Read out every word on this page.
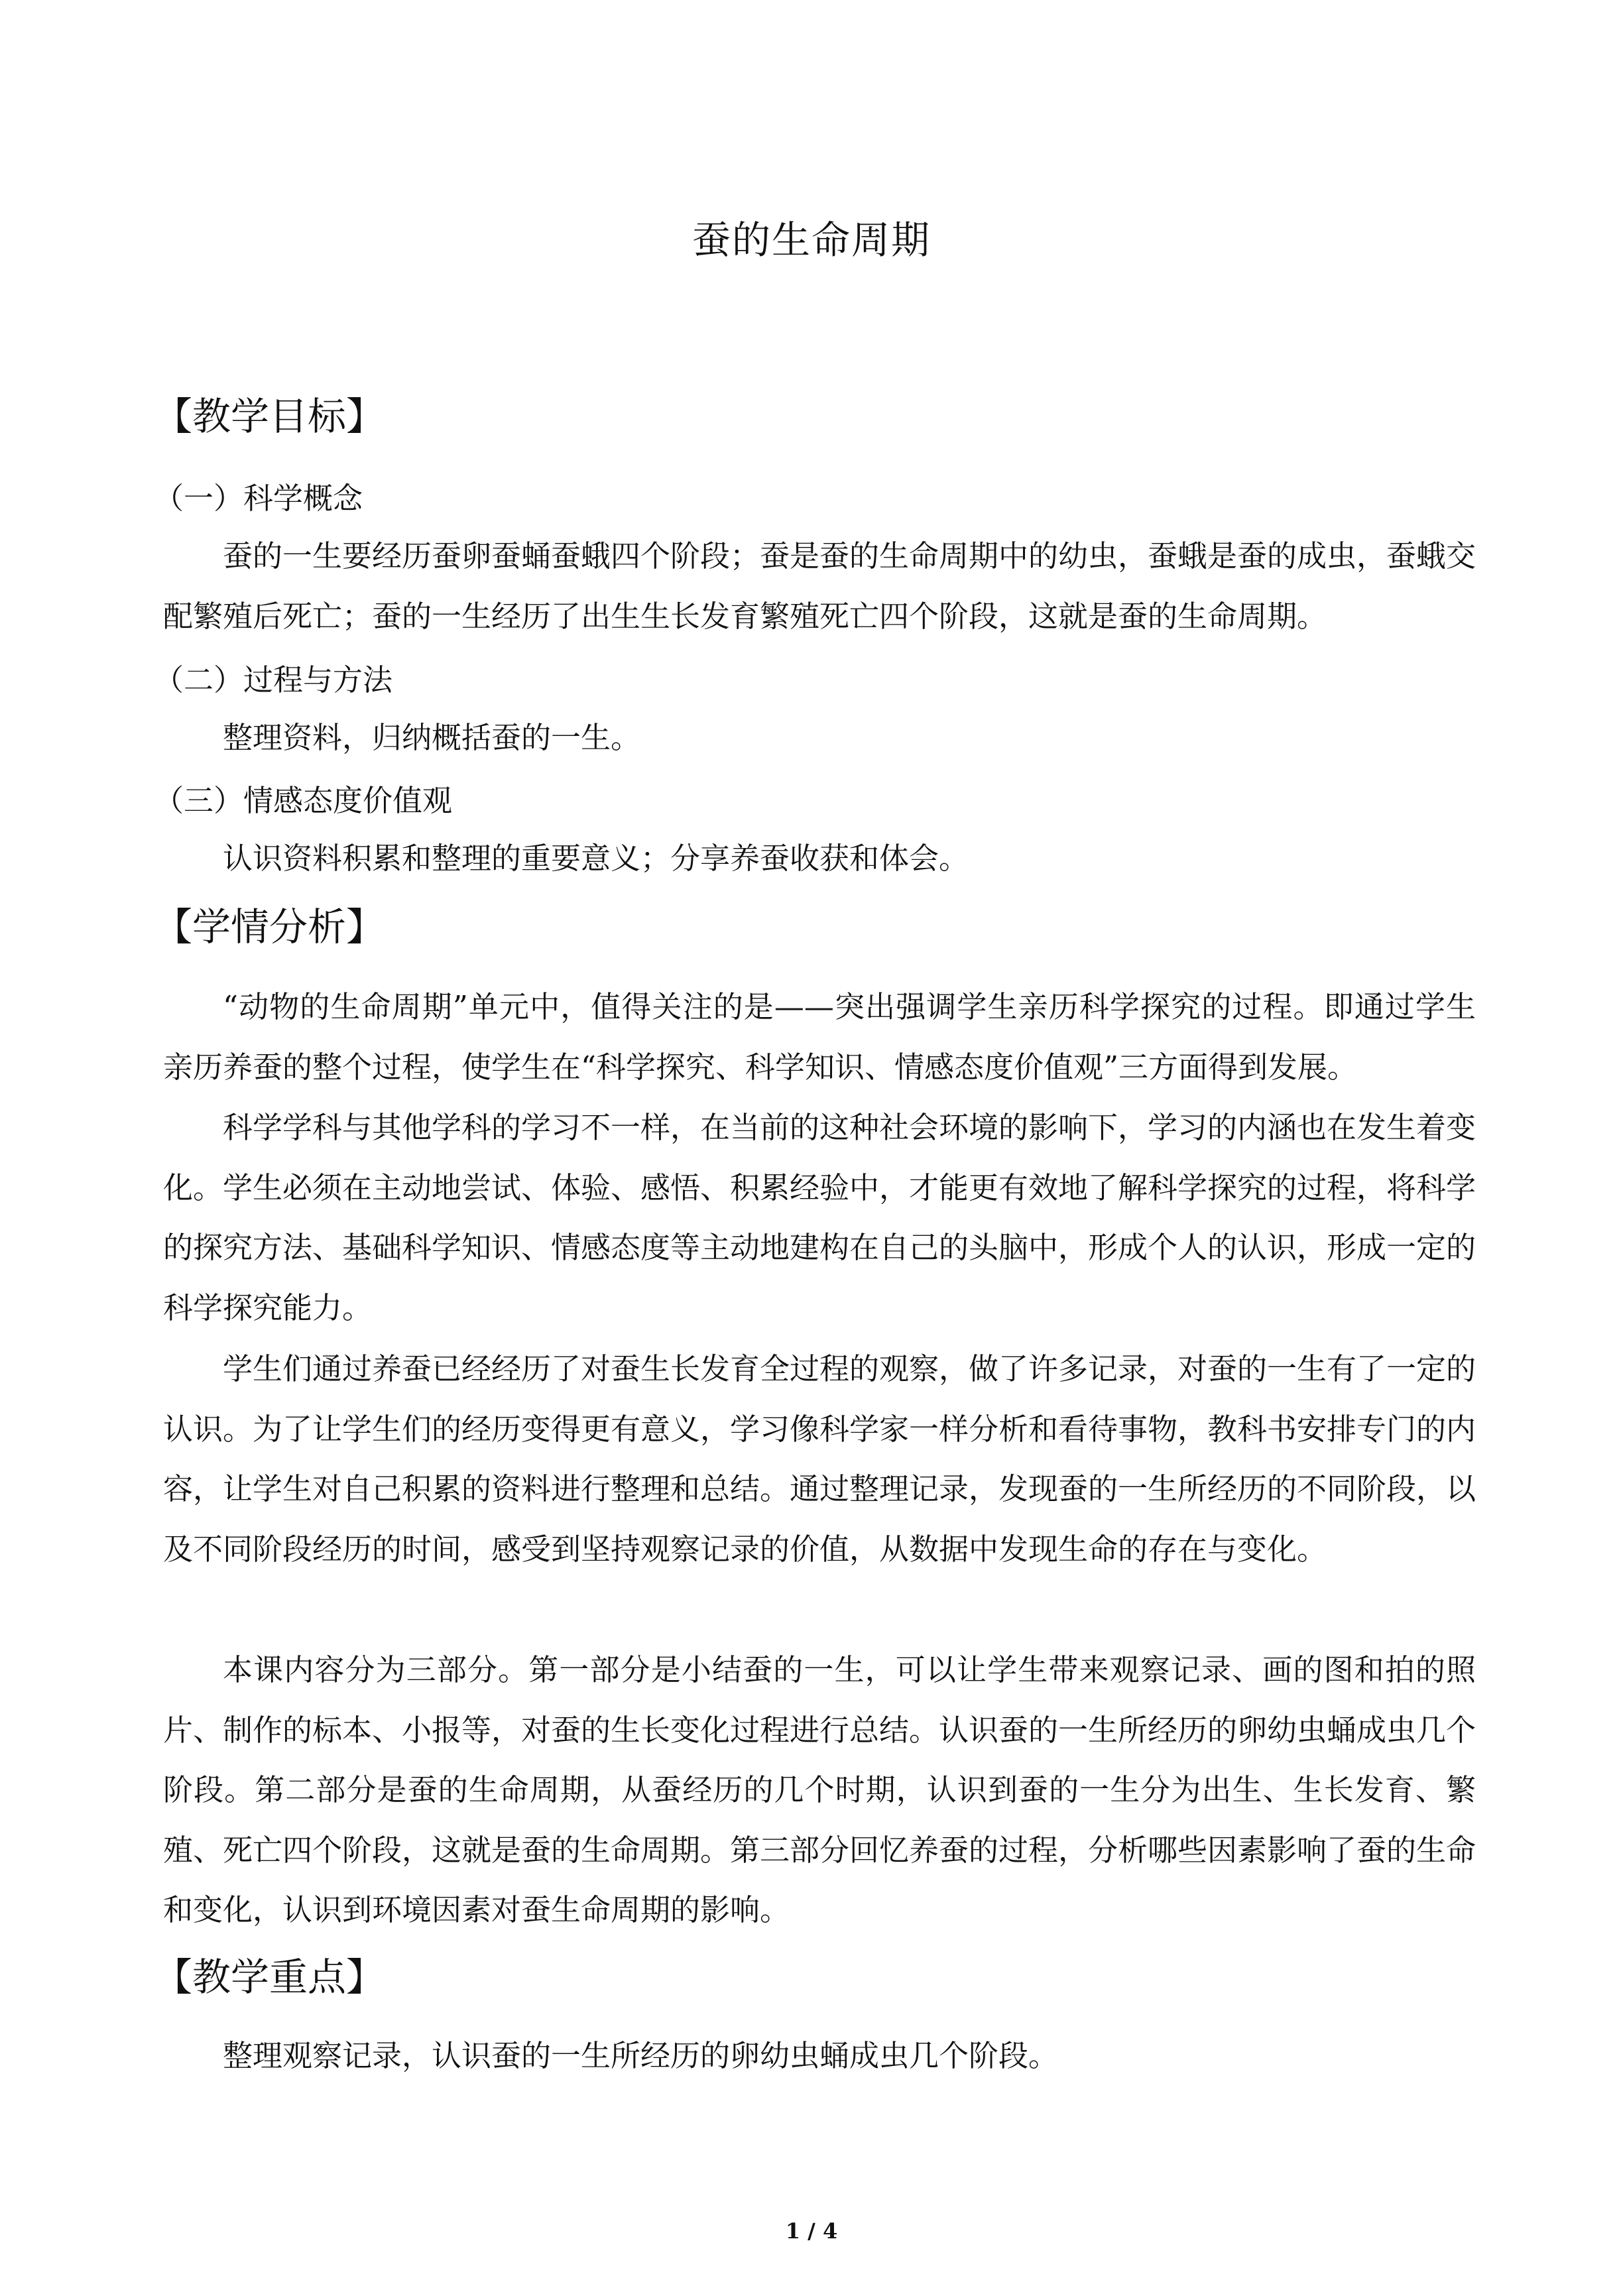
蚕的生命周期
【教学目标】
（一）科学概念

蚕的一生要经历蚕卵蚕蛹蚕蛾四个阶段；蚕是蚕的生命周期中的幼虫，蚕蛾是蚕的成虫，蚕蛾交配繁殖后死亡；蚕的一生经历了出生生长发育繁殖死亡四个阶段，这就是蚕的生命周期。

（二）过程与方法

整理资料，归纳概括蚕的一生。

（三）情感态度价值观

认识资料积累和整理的重要意义；分享养蚕收获和体会。

【学情分析】

“动物的生命周期”单元中，值得关注的是——突出强调学生亲历科学探究的过程。即通过学生亲历养蚕的整个过程，使学生在“科学探究、科学知识、情感态度价值观”三方面得到发展。

科学学科与其他学科的学习不一样，在当前的这种社会环境的影响下，学习的内涵也在发生着变化。学生必须在主动地尝试、体验、感悟、积累经验中，才能更有效地了解科学探究的过程，将科学的探究方法、基础科学知识、情感态度等主动地建构在自己的头脑中，形成个人的认识，形成一定的科学探究能力。

学生们通过养蚕已经经历了对蚕生长发育全过程的观察，做了许多记录，对蚕的一生有了一定的认识。为了让学生们的经历变得更有意义，学习像科学家一样分析和看待事物，教科书安排专门的内容，让学生对自己积累的资料进行整理和总结。通过整理记录，发现蚕的一生所经历的不同阶段，以及不同阶段经历的时间，感受到坚持观察记录的价值，从数据中发现生命的存在与变化。

本课内容分为三部分。第一部分是小结蚕的一生，可以让学生带来观察记录、画的图和拍的照片、制作的标本、小报等，对蚕的生长变化过程进行总结。认识蚕的一生所经历的卵幼虫蛹成虫几个阶段。第二部分是蚕的生命周期，从蚕经历的几个时期，认识到蚕的一生分为出生、生长发育、繁殖、死亡四个阶段，这就是蚕的生命周期。第三部分回忆养蚕的过程，分析哪些因素影响了蚕的生命和变化，认识到环境因素对蚕生命周期的影响。

【教学重点】

整理观察记录，认识蚕的一生所经历的卵幼虫蛹成虫几个阶段。

1 / 4
